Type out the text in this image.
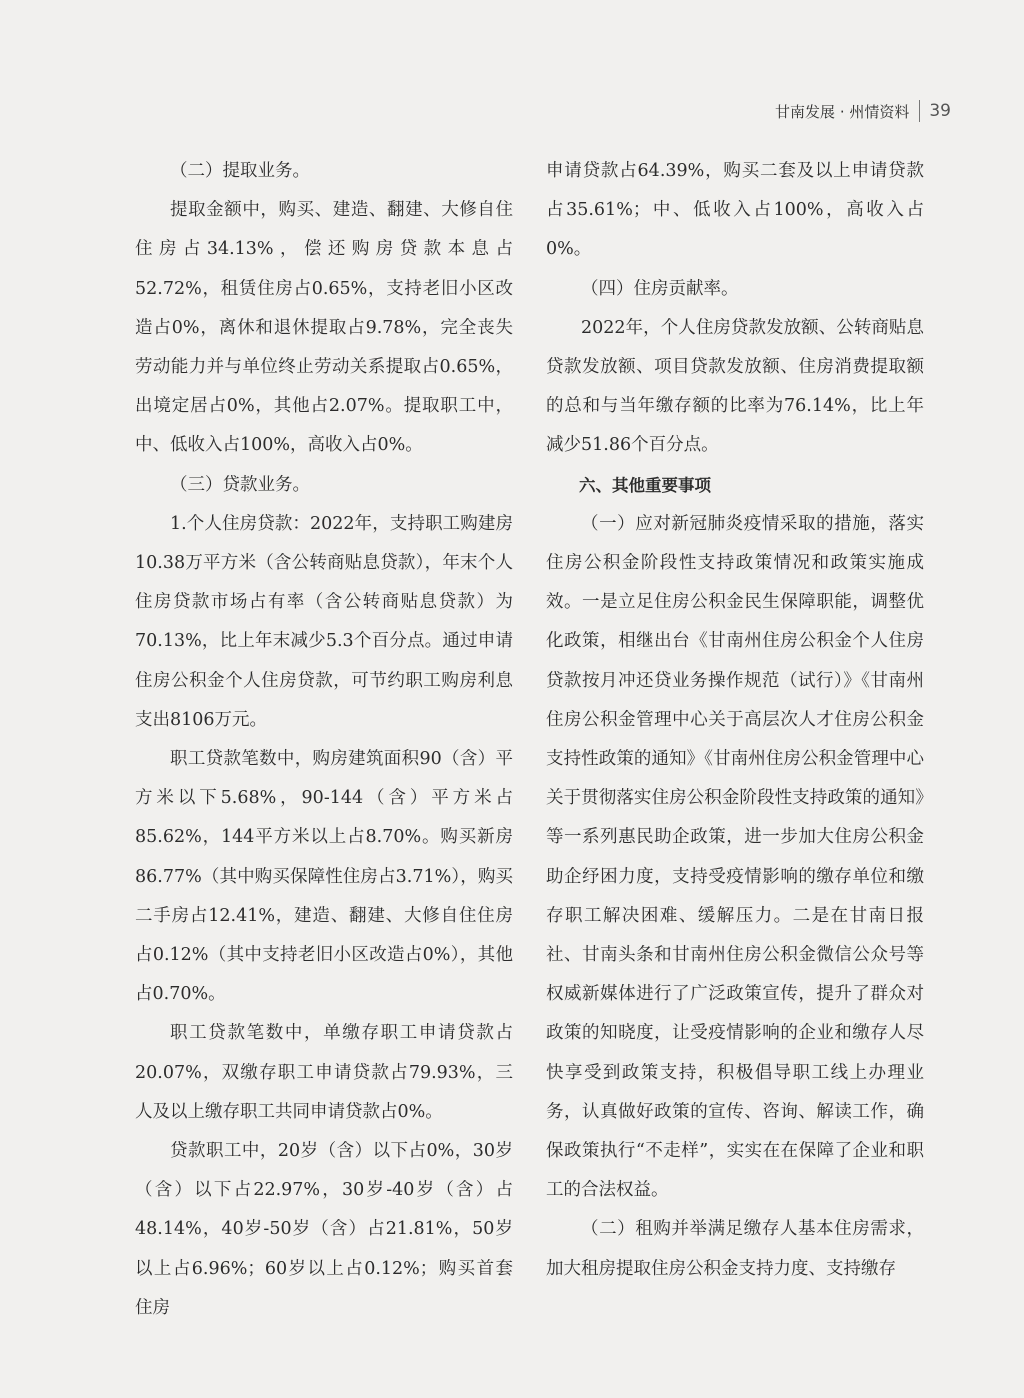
甘南发展 · 州情资料 39

（二）提取业务。

提取金额中，购买、建造、翻建、大修自住住房占34.13%，偿还购房贷款本息占52.72%，租赁住房占0.65%，支持老旧小区改造占0%，离休和退休提取占9.78%，完全丧失劳动能力并与单位终止劳动关系提取占0.65%，出境定居占0%，其他占2.07%。提取职工中，中、低收入占100%，高收入占0%。

（三）贷款业务。

1.个人住房贷款：2022年，支持职工购建房10.38万平方米（含公转商贴息贷款），年末个人住房贷款市场占有率（含公转商贴息贷款）为70.13%，比上年末减少5.3个百分点。通过申请住房公积金个人住房贷款，可节约职工购房利息支出8106万元。

职工贷款笔数中，购房建筑面积90（含）平方米以下5.68%，90-144（含）平方米占85.62%，144平方米以上占8.70%。购买新房86.77%（其中购买保障性住房占3.71%），购买二手房占12.41%，建造、翻建、大修自住住房占0.12%（其中支持老旧小区改造占0%），其他占0.70%。

职工贷款笔数中，单缴存职工申请贷款占20.07%，双缴存职工申请贷款占79.93%，三人及以上缴存职工共同申请贷款占0%。

贷款职工中，20岁（含）以下占0%，30岁（含）以下占22.97%，30岁-40岁（含）占48.14%，40岁-50岁（含）占21.81%，50岁以上占6.96%；60岁以上占0.12%；购买首套住房

申请贷款占64.39%，购买二套及以上申请贷款占35.61%；中、低收入占100%，高收入占0%。

（四）住房贡献率。

2022年，个人住房贷款发放额、公转商贴息贷款发放额、项目贷款发放额、住房消费提取额的总和与当年缴存额的比率为76.14%，比上年减少51.86个百分点。

六、其他重要事项

（一）应对新冠肺炎疫情采取的措施，落实住房公积金阶段性支持政策情况和政策实施成效。一是立足住房公积金民生保障职能，调整优化政策，相继出台《甘南州住房公积金个人住房贷款按月冲还贷业务操作规范（试行）》《甘南州住房公积金管理中心关于高层次人才住房公积金支持性政策的通知》《甘南州住房公积金管理中心关于贯彻落实住房公积金阶段性支持政策的通知》等一系列惠民助企政策，进一步加大住房公积金助企纾困力度，支持受疫情影响的缴存单位和缴存职工解决困难、缓解压力。二是在甘南日报社、甘南头条和甘南州住房公积金微信公众号等权威新媒体进行了广泛政策宣传，提升了群众对政策的知晓度，让受疫情影响的企业和缴存人尽快享受到政策支持，积极倡导职工线上办理业务，认真做好政策的宣传、咨询、解读工作，确保政策执行“不走样”，实实在在保障了企业和职工的合法权益。

（二）租购并举满足缴存人基本住房需求，加大租房提取住房公积金支持力度、支持缴存
